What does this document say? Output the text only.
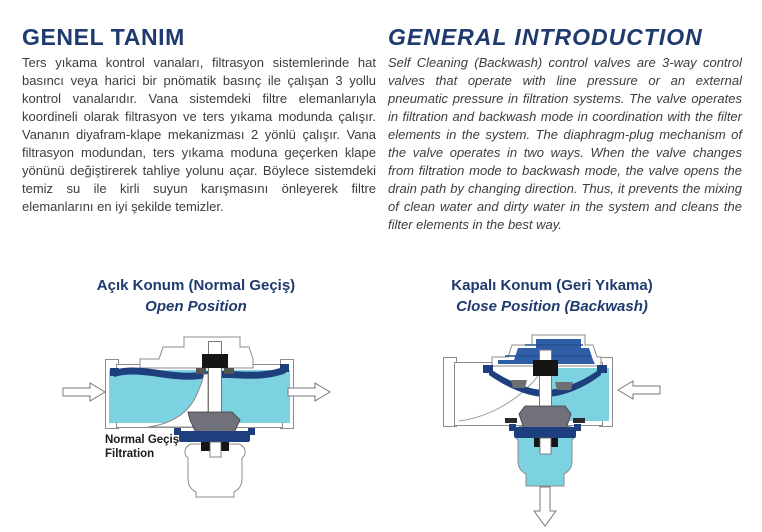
GENEL TANIM

Ters yıkama kontrol vanaları, filtrasyon sistemlerinde hat basıncı veya harici bir pnömatik basınç ile çalışan 3 yollu kontrol vanalarıdır. Vana sistemdeki filtre elemanlarıyla koordineli olarak filtrasyon ve ters yıkama modunda çalışır. Vananın diyafram-klape mekanizması 2 yönlü çalışır. Vana filtrasyon modundan, ters yıkama moduna geçerken klape yönünü değiştirerek tahliye yolunu açar. Böylece sistemdeki temiz su ile kirli suyun karışmasını önleyerek filtre elemanlarını en iyi şekilde temizler.

GENERAL INTRODUCTION

Self Cleaning (Backwash) control valves are 3-way control valves that operate with line pressure or an external pneumatic pressure in filtration systems. The valve operates in filtration and backwash mode in coordination with the filter elements in the system. The diaphragm-plug mechanism of the valve operates in two ways. When the valve changes from filtration mode to backwash mode, the valve opens the drain path by changing direction. Thus, it prevents the mixing of clean water and dirty water in the system and cleans the filter elements in the best way.

Açık Konum (Normal Geçiş)
Open Position
Kapalı Konum (Geri Yıkama)
Close Position (Backwash)
Normal Geçiş
Filtration
